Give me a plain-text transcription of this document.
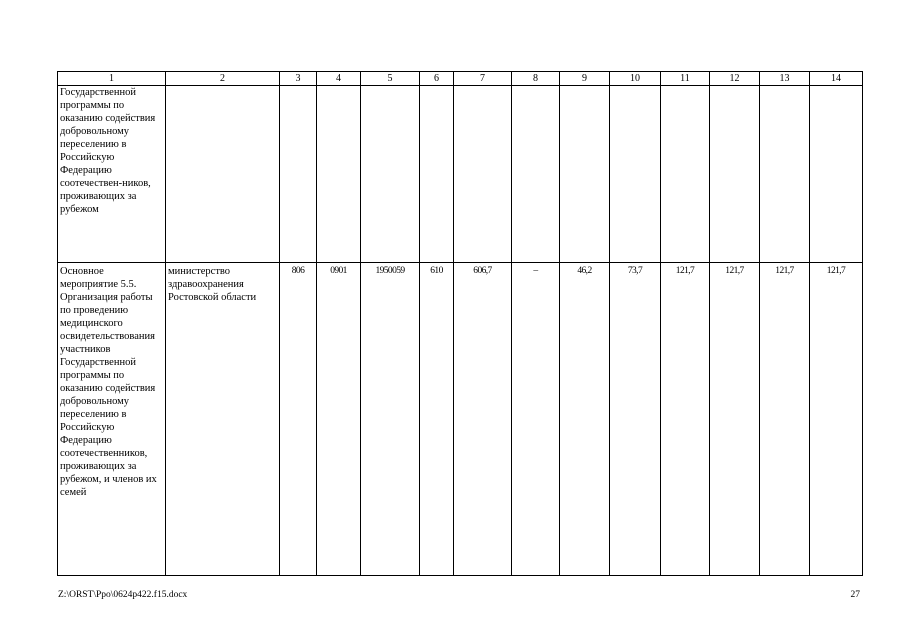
1	2	3	4	5	6	7	8	9	10	11	12	13	14
Государственной программы по оказанию содействия добровольному переселению в Российскую Федерацию соотечествен-ников, проживающих за рубежом													
Основное мероприятие 5.5. Организация работы по проведению медицинского освидетельствования участников Государственной программы по оказанию содействия добровольному переселению в Российскую Федерацию соотечественников, проживающих за рубежом, и членов их семей	министерство здравоохранения Ростовской области	806	0901	1950059	610	606,7	–	46,2	73,7	121,7	121,7	121,7	121,7
Z:\ORST\Ppo\0624p422.f15.docx	27
